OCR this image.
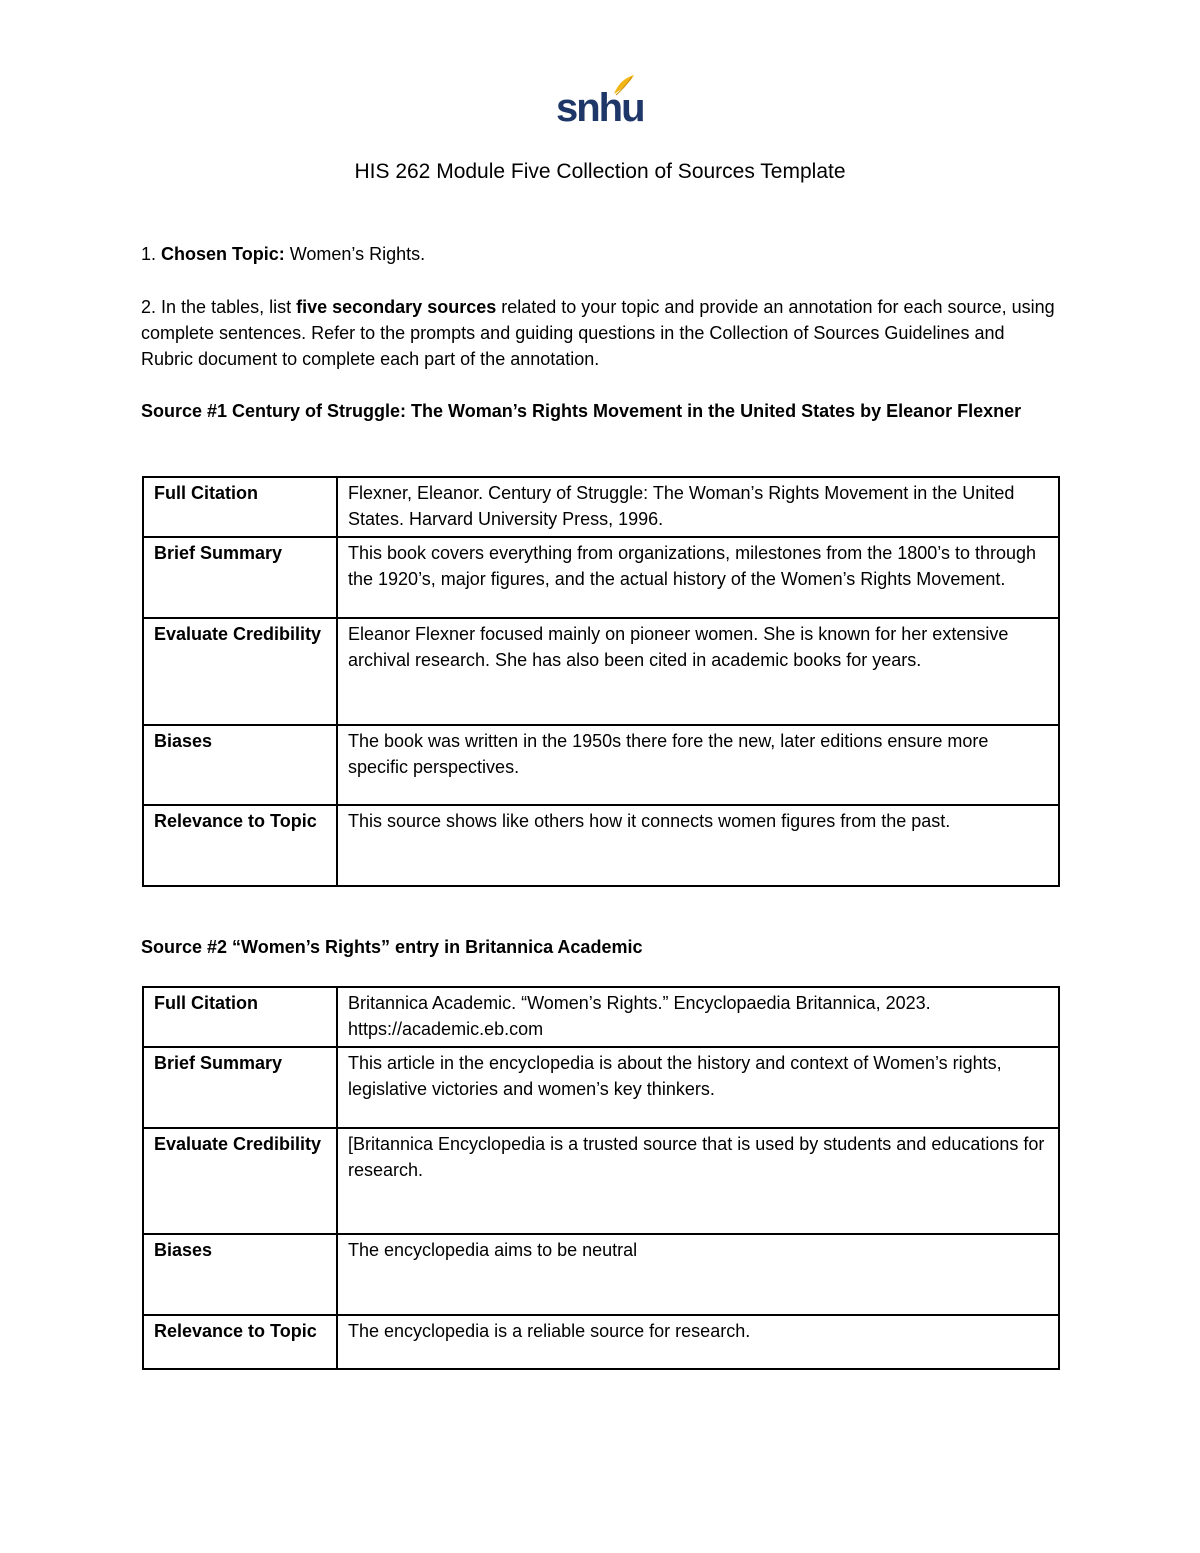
snhu
HIS 262 Module Five Collection of Sources Template
1. Chosen Topic: Women’s Rights.
2. In the tables, list five secondary sources related to your topic and provide an annotation for each source, using complete sentences. Refer to the prompts and guiding questions in the Collection of Sources Guidelines and Rubric document to complete each part of the annotation.
Source #1 Century of Struggle: The Woman’s Rights Movement in the United States by Eleanor Flexner
Full Citation	Flexner, Eleanor. Century of Struggle: The Woman’s Rights Movement in the United States. Harvard University Press, 1996.
Brief Summary	This book covers everything from organizations, milestones from the 1800’s to through the 1920’s, major figures, and the actual history of the Women’s Rights Movement.
Evaluate Credibility	Eleanor Flexner focused mainly on pioneer women. She is known for her extensive archival research. She has also been cited in academic books for years.
Biases	The book was written in the 1950s there fore the new, later editions ensure more specific perspectives.
Relevance to Topic	This source shows like others how it connects women figures from the past.
Source #2 “Women’s Rights” entry in Britannica Academic
Full Citation	Britannica Academic. “Women’s Rights.” Encyclopaedia Britannica, 2023. https://academic.eb.com
Brief Summary	This article in the encyclopedia is about the history and context of Women’s rights, legislative victories and women’s key thinkers.
Evaluate Credibility	[Britannica Encyclopedia is a trusted source that is used by students and educations for research.
Biases	The encyclopedia aims to be neutral
Relevance to Topic	The encyclopedia is a reliable source for research.
